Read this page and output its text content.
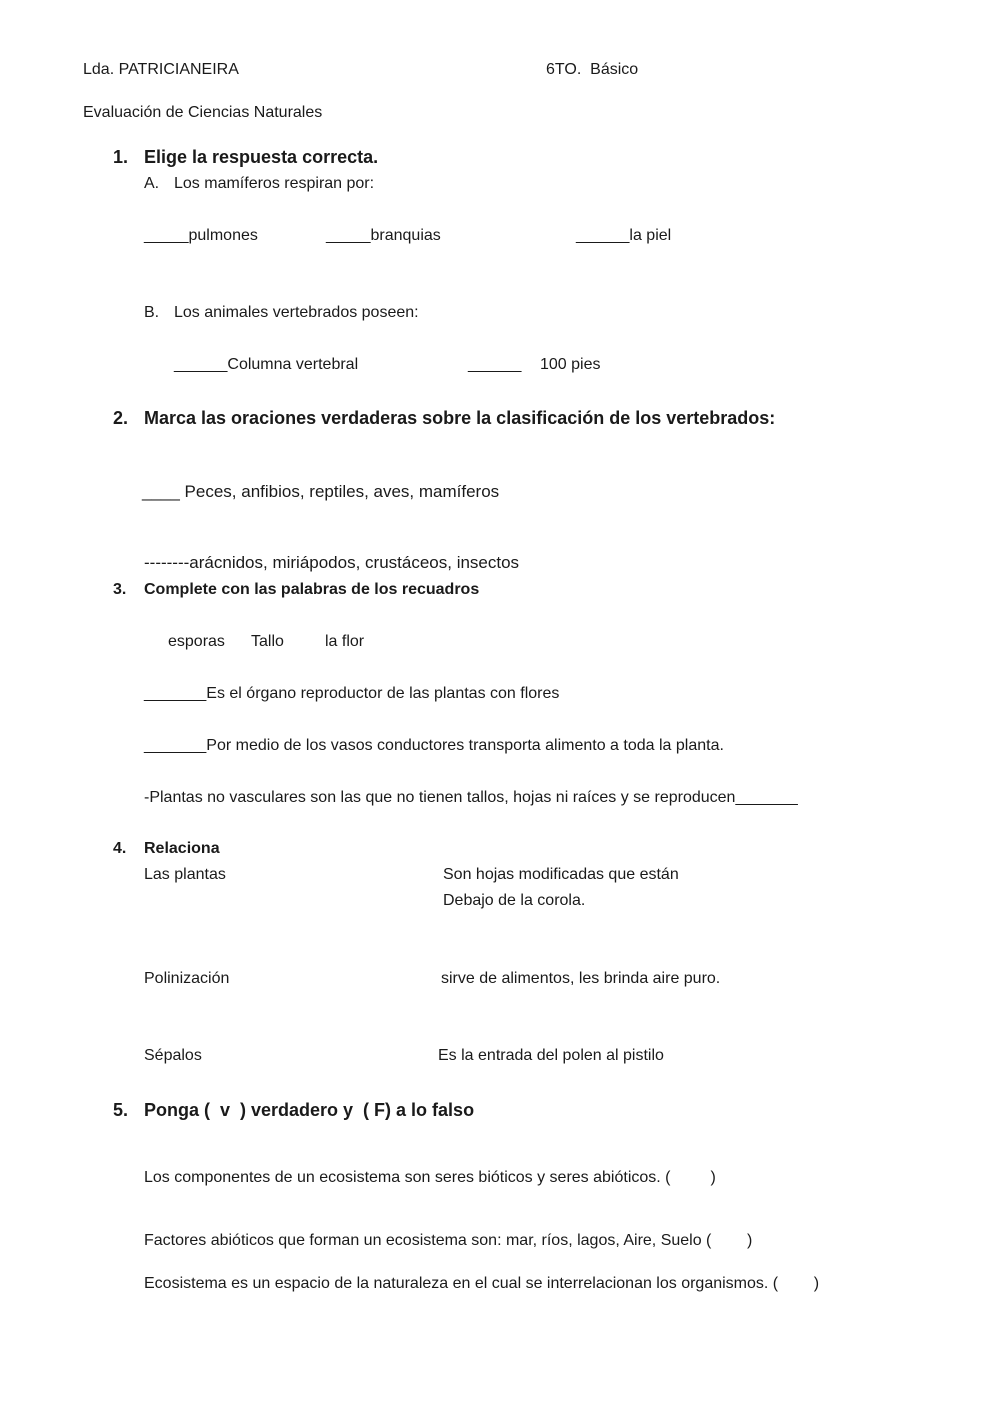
Lda. PATRICIANEIRA	6TO.  Básico
Evaluación de Ciencias Naturales
1. Elige la respuesta correcta.
A. Los mamíferos respiran por:
_____pulmones	_____branquias	______la piel
B. Los animales vertebrados poseen:
______Columna vertebral	______ 100 pies
2. Marca las oraciones verdaderas sobre la clasificación de los vertebrados:
____ Peces, anfibios, reptiles, aves, mamíferos
--------arácnidos, miriápodos, crustáceos, insectos
3. Complete con las palabras de los recuadros
esporas Tallo	la flor
_______Es el órgano reproductor de las plantas con flores
_______Por medio de los vasos conductores transporta alimento a toda la planta.
-Plantas no vasculares son las que no tienen tallos, hojas ni raíces y se reproducen_______
4. Relaciona
Las plantas	Son hojas modificadas que están
Debajo de la corola.
Polinización	sirve de alimentos, les brinda aire puro.
Sépalos	Es la entrada del polen al pistilo
5. Ponga (  v  ) verdadero y  ( F) a lo falso
Los componentes de un ecosistema son seres bióticos y seres abióticos. (         )
Factores abióticos que forman un ecosistema son: mar, ríos, lagos, Aire, Suelo (        )
Ecosistema es un espacio de la naturaleza en el cual se interrelacionan los organismos. (        )
